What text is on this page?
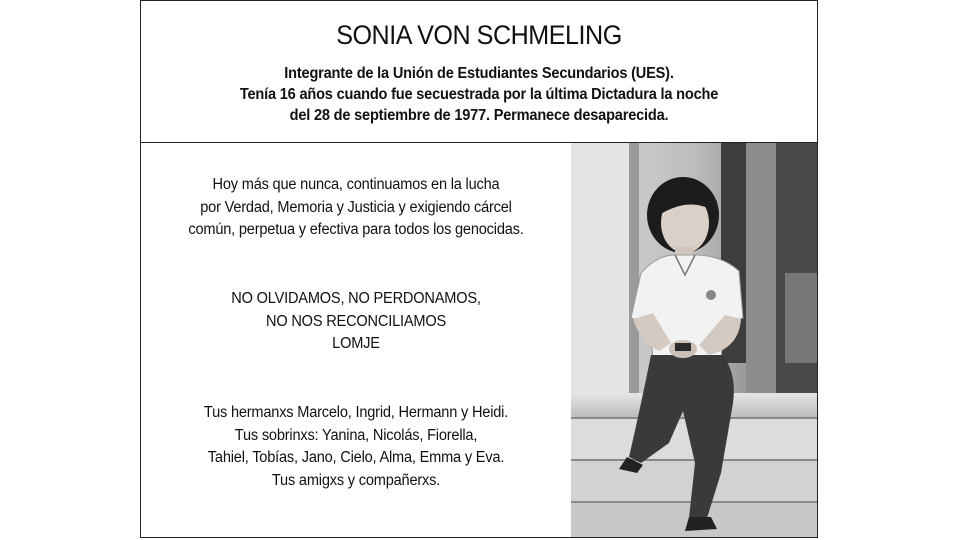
SONIA VON SCHMELING
Integrante de la Unión de Estudiantes Secundarios (UES).
Tenía 16 años cuando fue secuestrada por la última Dictadura la noche
del 28 de septiembre de 1977. Permanece desaparecida.
Hoy más que nunca, continuamos en la lucha
por Verdad, Memoria y Justicia y exigiendo cárcel
común, perpetua y efectiva para todos los genocidas.
NO OLVIDAMOS, NO PERDONAMOS,
NO NOS RECONCILIAMOS
LOMJE
Tus hermanxs Marcelo, Ingrid, Hermann y Heidi.
Tus sobrinxs: Yanina, Nicolás, Fiorella,
Tahiel, Tobías, Jano, Cielo, Alma, Emma y Eva.
Tus amigxs y compañerxs.
